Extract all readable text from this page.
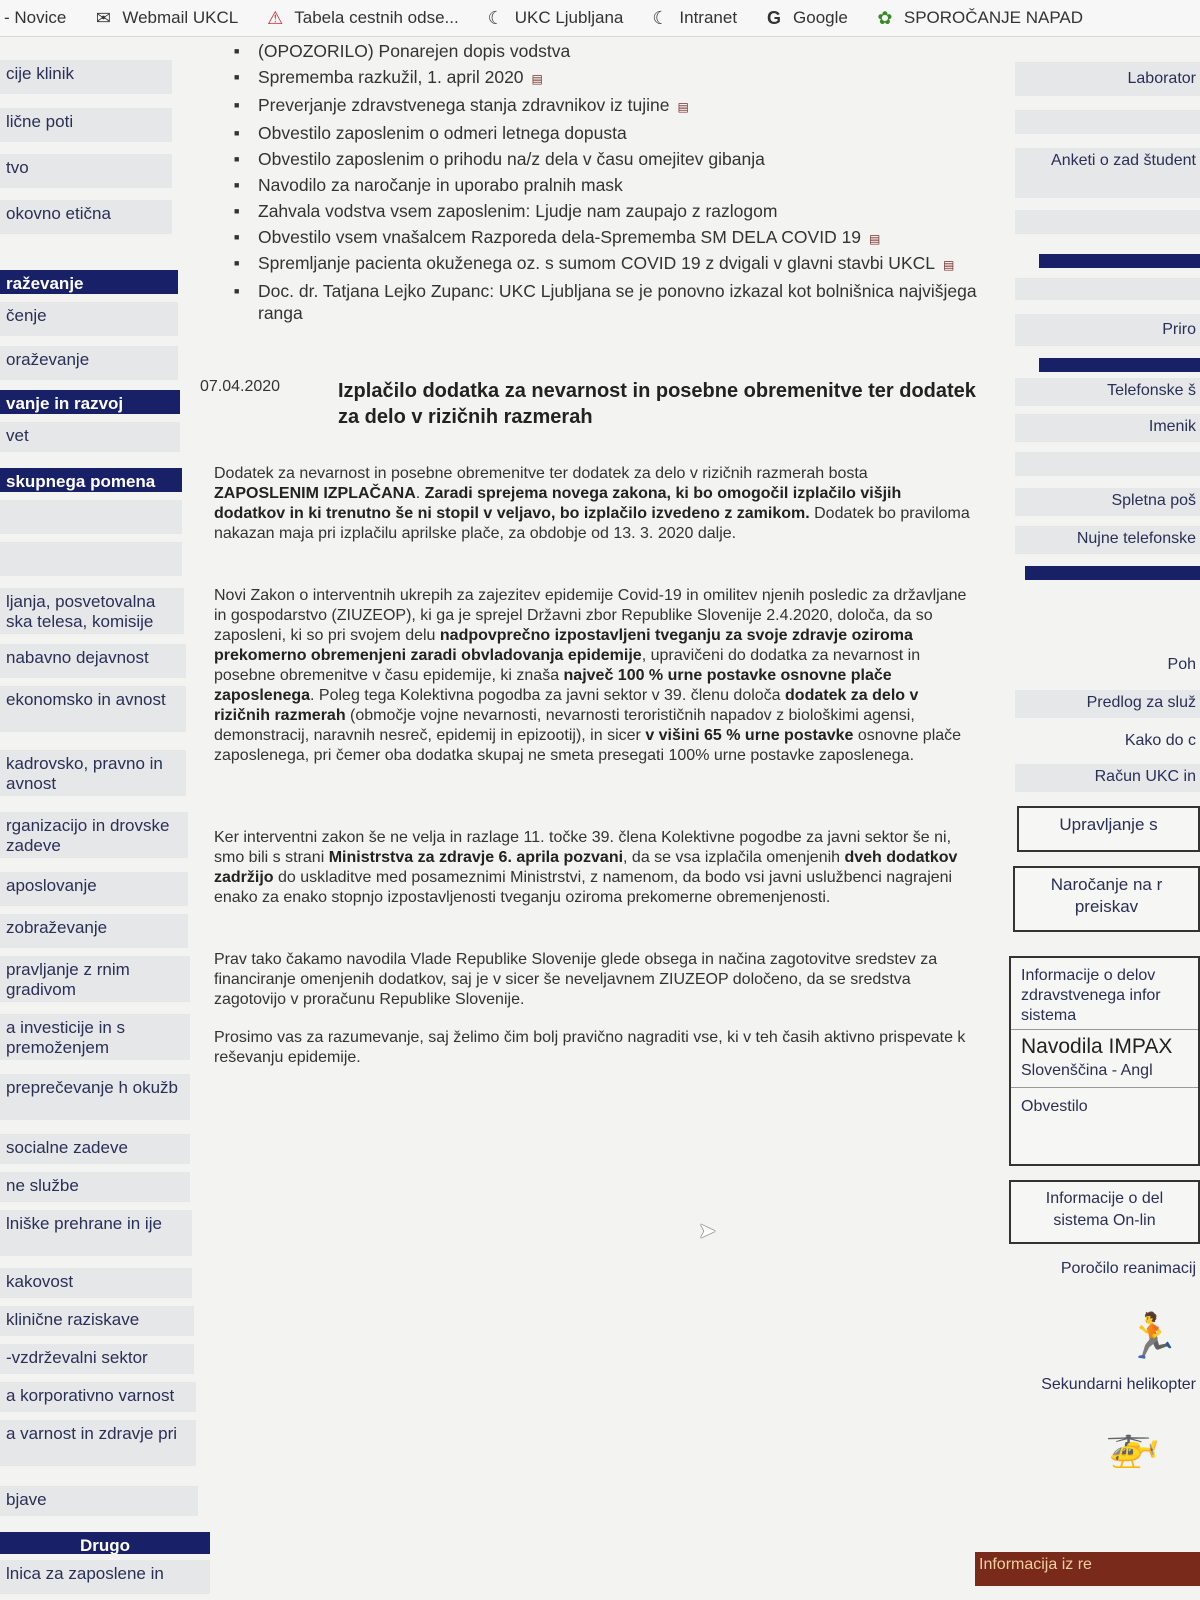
- Novice ✉ Webmail UKCL ⚠ Tabela cestnih odse... ☾ UKC Ljubljana ☾ Intranet G Google ✿ SPOROČANJE NAPAD
cije klinik
lične poti
tvo
okovno etična
raževanje
čenje
oraževanje
vanje in razvoj
vet
skupnega pomena
ljanja, posvetovalna ska telesa, komisije
nabavno dejavnost
ekonomsko in avnost
kadrovsko, pravno in avnost
rganizacijo in drovske zadeve
aposlovanje
zobraževanje
pravljanje z rnim gradivom
a investicije in s premoženjem
preprečevanje h okužb
socialne zadeve
ne službe
lniške prehrane in ije
kakovost
klinične raziskave
-vzdrževalni sektor
a korporativno varnost
a varnost in zdravje pri
bjave
Drugo
lnica za zaposlene in
■ (OPOZORILO) Ponarejen dopis vodstva
■ Sprememba razkužil, 1. april 2020 ▤
■ Preverjanje zdravstvenega stanja zdravnikov iz tujine ▤
■ Obvestilo zaposlenim o odmeri letnega dopusta
■ Obvestilo zaposlenim o prihodu na/z dela v času omejitev gibanja
■ Navodilo za naročanje in uporabo pralnih mask
■ Zahvala vodstva vsem zaposlenim: Ljudje nam zaupajo z razlogom
■ Obvestilo vsem vnašalcem Razporeda dela-Sprememba SM DELA COVID 19 ▤
■ Spremljanje pacienta okuženega oz. s sumom COVID 19 z dvigali v glavni stavbi UKCL ▤
■ Doc. dr. Tatjana Lejko Zupanc: UKC Ljubljana se je ponovno izkazal kot bolnišnica najvišjega ranga
07.04.2020	Izplačilo dodatka za nevarnost in posebne obremenitve ter dodatek za delo v rizičnih razmerah
Dodatek za nevarnost in posebne obremenitve ter dodatek za delo v rizičnih razmerah bosta ZAPOSLENIM IZPLAČANA. Zaradi sprejema novega zakona, ki bo omogočil izplačilo višjih dodatkov in ki trenutno še ni stopil v veljavo, bo izplačilo izvedeno z zamikom. Dodatek bo praviloma nakazan maja pri izplačilu aprilske plače, za obdobje od 13. 3. 2020 dalje.
Novi Zakon o interventnih ukrepih za zajezitev epidemije Covid-19 in omilitev njenih posledic za državljane in gospodarstvo (ZIUZEOP), ki ga je sprejel Državni zbor Republike Slovenije 2.4.2020, določa, da so zaposleni, ki so pri svojem delu nadpovprečno izpostavljeni tveganju za svoje zdravje oziroma prekomerno obremenjeni zaradi obvladovanja epidemije, upravičeni do dodatka za nevarnost in posebne obremenitve v času epidemije, ki znaša največ 100 % urne postavke osnovne plače zaposlenega. Poleg tega Kolektivna pogodba za javni sektor v 39. členu določa dodatek za delo v rizičnih razmerah (območje vojne nevarnosti, nevarnosti terorističnih napadov z biološkimi agensi, demonstracij, naravnih nesreč, epidemij in epizootij), in sicer v višini 65 % urne postavke osnovne plače zaposlenega, pri čemer oba dodatka skupaj ne smeta presegati 100% urne postavke zaposlenega.
Ker interventni zakon še ne velja in razlage 11. točke 39. člena Kolektivne pogodbe za javni sektor še ni, smo bili s strani Ministrstva za zdravje 6. aprila pozvani, da se vsa izplačila omenjenih dveh dodatkov zadržijo do uskladitve med posameznimi Ministrstvi, z namenom, da bodo vsi javni uslužbenci nagrajeni enako za enako stopnjo izpostavljenosti tveganju oziroma prekomerne obremenjenosti.
Prav tako čakamo navodila Vlade Republike Slovenije glede obsega in načina zagotovitve sredstev za financiranje omenjenih dodatkov, saj je v sicer še neveljavnem ZIUZEOP določeno, da se sredstva zagotovijo v proračunu Republike Slovenije.
Prosimo vas za razumevanje, saj želimo čim bolj pravično nagraditi vse, ki v teh časih aktivno prispevate k reševanju epidemije.
➤
Laborator
Anketi o zad študent
Priro
Telefonske š
Imenik
Spletna poš
Nujne telefonske
Poh
Predlog za služ
Kako do c
Račun UKC in
Upravljanje s
Naročanje na r preiskav
Informacije o delov zdravstvenega infor sistema
Navodila IMPAX
Slovenščina - Angl
Obvestilo
Informacije o del sistema On-lin
Poročilo reanimacij
🏃
Sekundarni helikopter
🚁
Informacija iz re
